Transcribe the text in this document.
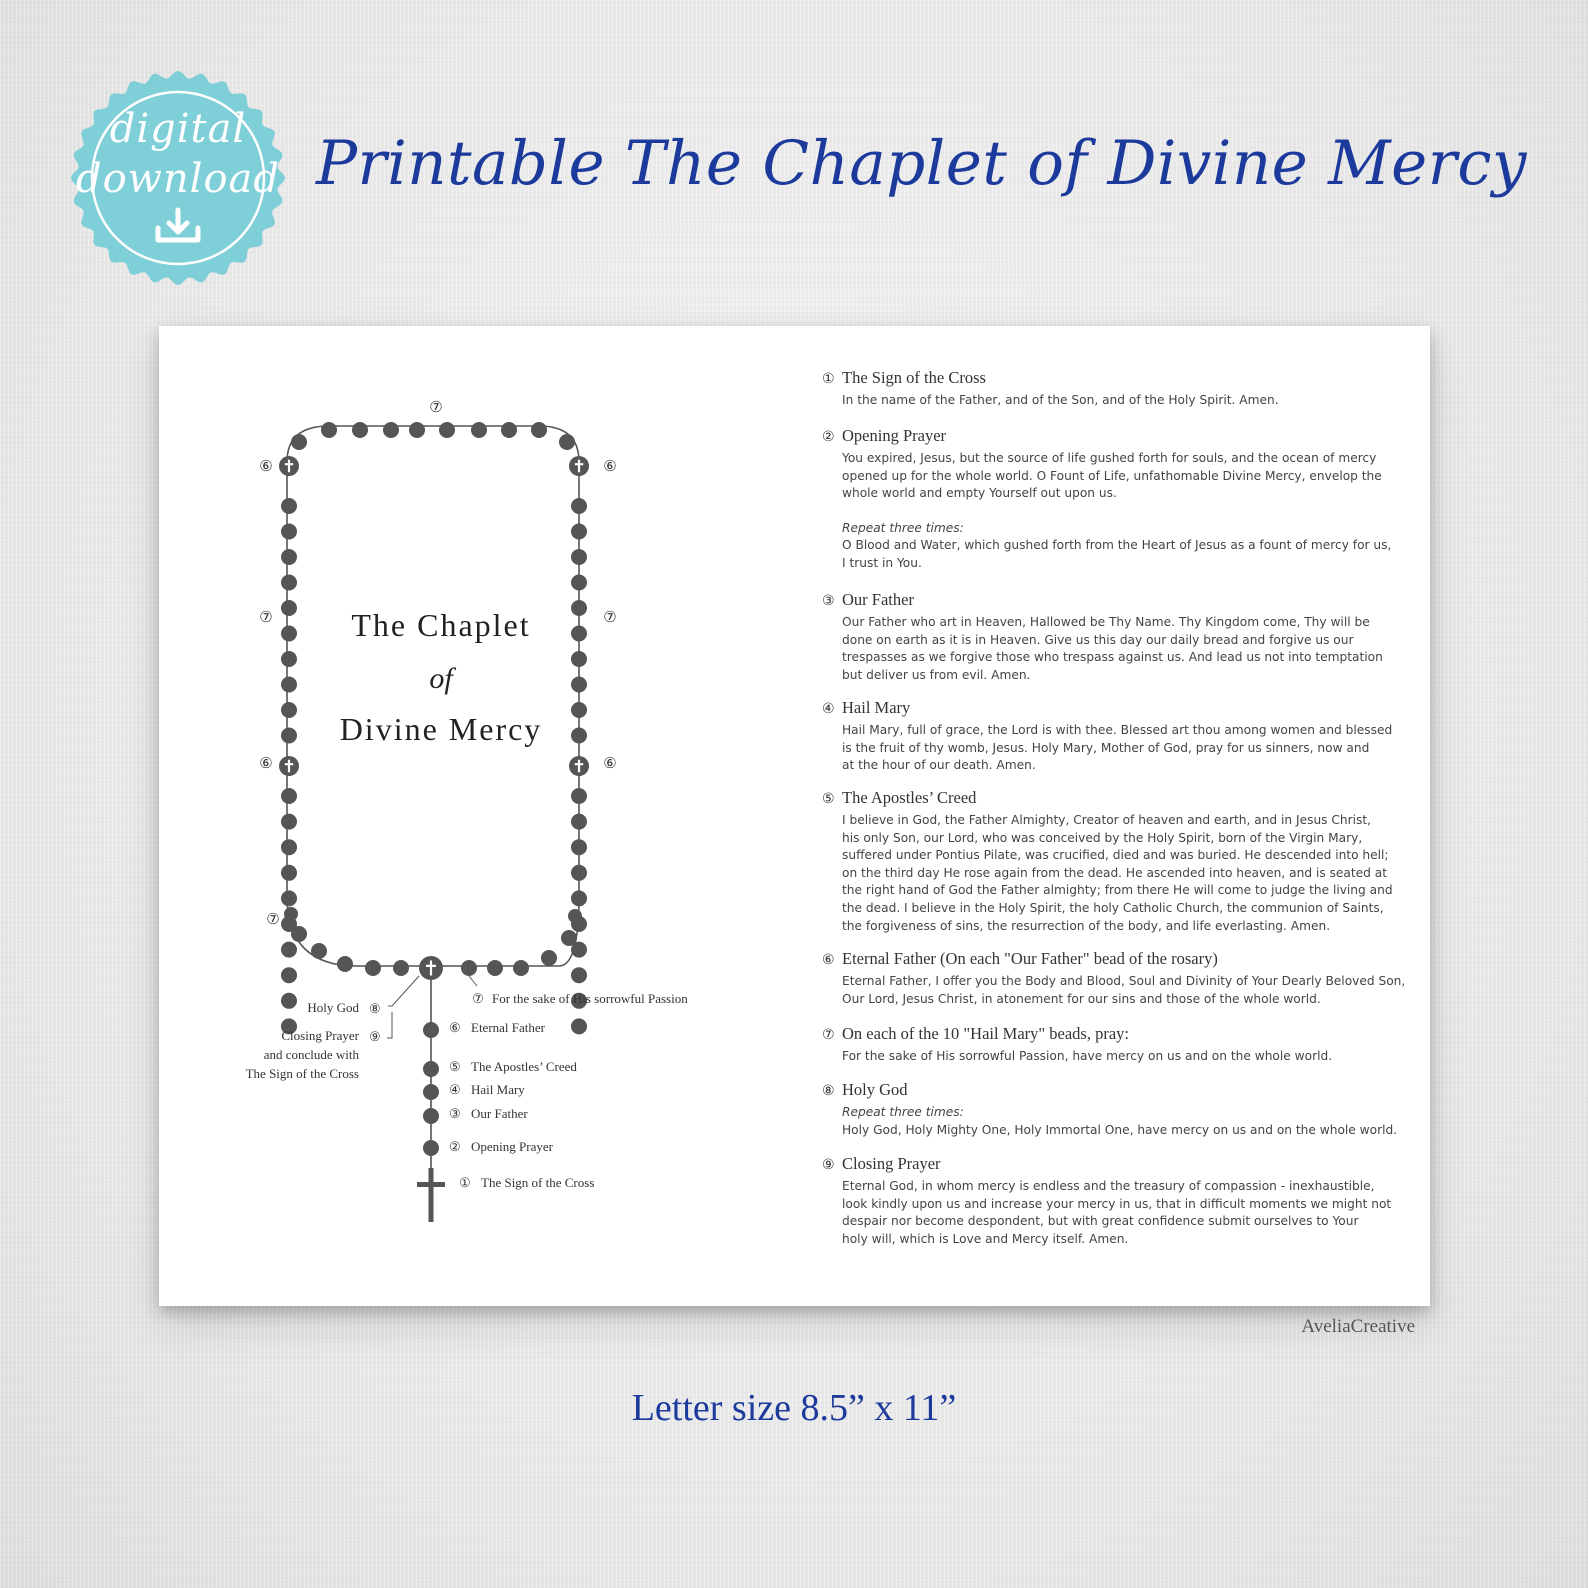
digital
download Printable The Chaplet of Divine Mercy
The Chaplet
of
Divine Mercy
⑦
⑥	⑥
⑦	⑦
⑥	⑥
⑦
⑦ For the sake of His sorrowful Passion
⑥ Eternal Father
⑤ The Apostles’ Creed
④ Hail Mary
③ Our Father
② Opening Prayer
① The Sign of the Cross
Holy God ⑧
Closing Prayer ⑨
and conclude with
The Sign of the Cross
① The Sign of the Cross
In the name of the Father, and of the Son, and of the Holy Spirit. Amen.
② Opening Prayer
You expired, Jesus, but the source of life gushed forth for souls, and the ocean of mercy
opened up for the whole world. O Fount of Life, unfathomable Divine Mercy, envelop the
whole world and empty Yourself out upon us.
Repeat three times:
O Blood and Water, which gushed forth from the Heart of Jesus as a fount of mercy for us,
I trust in You.
③ Our Father
Our Father who art in Heaven, Hallowed be Thy Name. Thy Kingdom come, Thy will be
done on earth as it is in Heaven. Give us this day our daily bread and forgive us our
trespasses as we forgive those who trespass against us. And lead us not into temptation
but deliver us from evil. Amen.
④ Hail Mary
Hail Mary, full of grace, the Lord is with thee. Blessed art thou among women and blessed
is the fruit of thy womb, Jesus. Holy Mary, Mother of God, pray for us sinners, now and
at the hour of our death. Amen.
⑤ The Apostles’ Creed
I believe in God, the Father Almighty, Creator of heaven and earth, and in Jesus Christ,
his only Son, our Lord, who was conceived by the Holy Spirit, born of the Virgin Mary,
suffered under Pontius Pilate, was crucified, died and was buried. He descended into hell;
on the third day He rose again from the dead. He ascended into heaven, and is seated at
the right hand of God the Father almighty; from there He will come to judge the living and
the dead. I believe in the Holy Spirit, the holy Catholic Church, the communion of Saints,
the forgiveness of sins, the resurrection of the body, and life everlasting. Amen.
⑥ Eternal Father (On each "Our Father" bead of the rosary)
Eternal Father, I offer you the Body and Blood, Soul and Divinity of Your Dearly Beloved Son,
Our Lord, Jesus Christ, in atonement for our sins and those of the whole world.
⑦ On each of the 10 "Hail Mary" beads, pray:
For the sake of His sorrowful Passion, have mercy on us and on the whole world.
⑧ Holy God
Repeat three times:
Holy God, Holy Mighty One, Holy Immortal One, have mercy on us and on the whole world.
⑨ Closing Prayer
Eternal God, in whom mercy is endless and the treasury of compassion - inexhaustible,
look kindly upon us and increase your mercy in us, that in difficult moments we might not
despair nor become despondent, but with great confidence submit ourselves to Your
holy will, which is Love and Mercy itself. Amen.
AveliaCreative
Letter size 8.5” x 11”
